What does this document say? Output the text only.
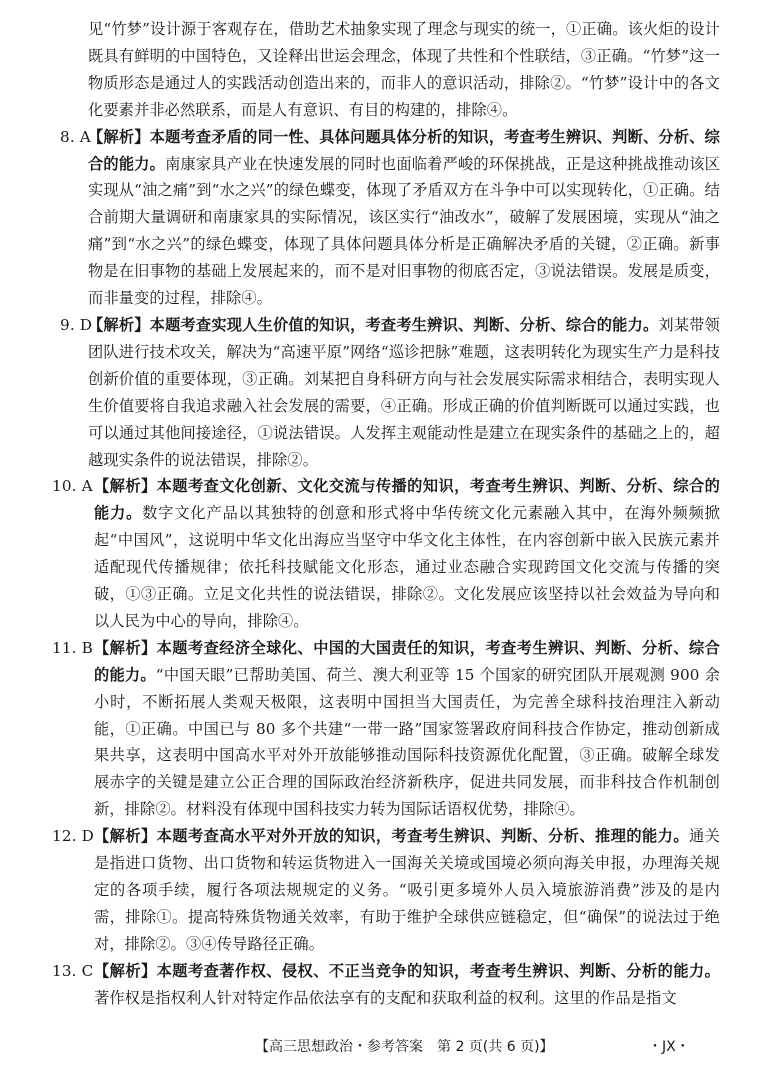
见“竹梦”设计源于客观存在，借助艺术抽象实现了理念与现实的统一，①正确。该火炬的设计既具有鲜明的中国特色，又诠释出世运会理念，体现了共性和个性联结，③正确。“竹梦”这一物质形态是通过人的实践活动创造出来的，而非人的意识活动，排除②。“竹梦”设计中的各文化要素并非必然联系，而是人有意识、有目的构建的，排除④。

8. A
【解析】本题考查矛盾的同一性、具体问题具体分析的知识，考查考生辨识、判断、分析、综合的能力。南康家具产业在快速发展的同时也面临着严峻的环保挑战，正是这种挑战推动该区实现从“油之痛”到“水之兴”的绿色蝶变，体现了矛盾双方在斗争中可以实现转化，①正确。结合前期大量调研和南康家具的实际情况，该区实行“油改水”，破解了发展困境，实现从“油之痛”到“水之兴”的绿色蝶变，体现了具体问题具体分析是正确解决矛盾的关键，②正确。新事物是在旧事物的基础上发展起来的，而不是对旧事物的彻底否定，③说法错误。发展是质变，而非量变的过程，排除④。

9. D
【解析】本题考查实现人生价值的知识，考查考生辨识、判断、分析、综合的能力。刘某带领团队进行技术攻关，解决为“高速平原”网络“巡诊把脉”难题，这表明转化为现实生产力是科技创新价值的重要体现，③正确。刘某把自身科研方向与社会发展实际需求相结合，表明实现人生价值要将自我追求融入社会发展的需要，④正确。形成正确的价值判断既可以通过实践，也可以通过其他间接途径，①说法错误。人发挥主观能动性是建立在现实条件的基础之上的，超越现实条件的说法错误，排除②。

10. A 【解析】本题考查文化创新、文化交流与传播的知识，考查考生辨识、判断、分析、综合的能力。数字文化产品以其独特的创意和形式将中华传统文化元素融入其中，在海外频频掀起“中国风”，这说明中华文化出海应当坚守中华文化主体性，在内容创新中嵌入民族元素并适配现代传播规律；依托科技赋能文化形态，通过业态融合实现跨国文化交流与传播的突破，①③正确。立足文化共性的说法错误，排除②。文化发展应该坚持以社会效益为导向和以人民为中心的导向，排除④。

11. B 【解析】本题考查经济全球化、中国的大国责任的知识，考查考生辨识、判断、分析、综合的能力。“中国天眼”已帮助美国、荷兰、澳大利亚等 15 个国家的研究团队开展观测 900 余小时，不断拓展人类观天极限，这表明中国担当大国责任，为完善全球科技治理注入新动能，①正确。中国已与 80 多个共建“一带一路”国家签署政府间科技合作协定，推动创新成果共享，这表明中国高水平对外开放能够推动国际科技资源优化配置，③正确。破解全球发展赤字的关键是建立公正合理的国际政治经济新秩序，促进共同发展，而非科技合作机制创新，排除②。材料没有体现中国科技实力转为国际话语权优势，排除④。

12. D 【解析】本题考查高水平对外开放的知识，考查考生辨识、判断、分析、推理的能力。通关是指进口货物、出口货物和转运货物进入一国海关关境或国境必须向海关申报，办理海关规定的各项手续，履行各项法规规定的义务。“吸引更多境外人员入境旅游消费”涉及的是内需，排除①。提高特殊货物通关效率，有助于维护全球供应链稳定，但“确保”的说法过于绝对，排除②。③④传导路径正确。

13. C 【解析】本题考查著作权、侵权、不正当竞争的知识，考查考生辨识、判断、分析的能力。著作权是指权利人针对特定作品依法享有的支配和获取利益的权利。这里的作品是指文

【高三思想政治・参考答案　第 2 页(共 6 页)】	・JX・
